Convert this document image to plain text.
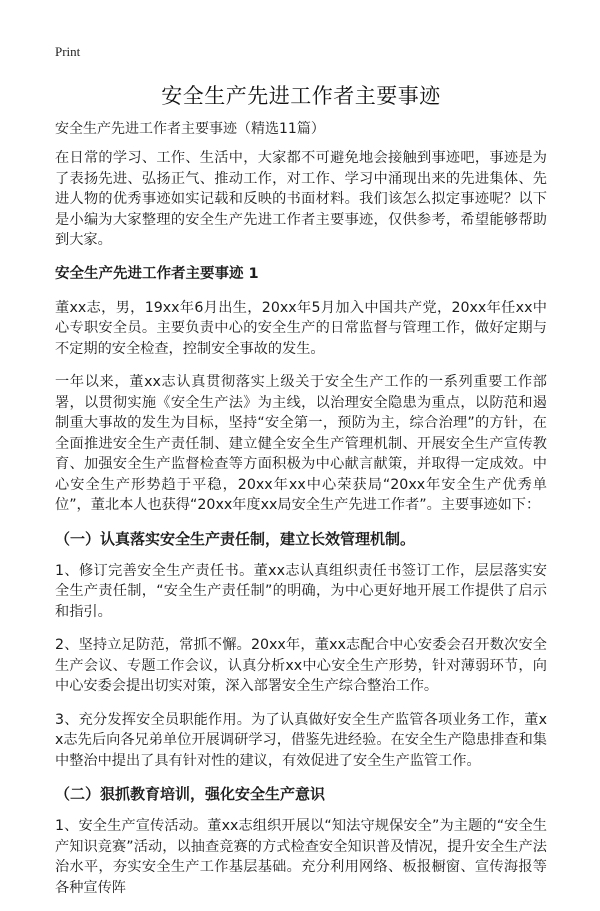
Print
安全生产先进工作者主要事迹
安全生产先进工作者主要事迹（精选11篇）

在日常的学习、工作、生活中，大家都不可避免地会接触到事迹吧，事迹是为了表扬先进、弘扬正气、推动工作，对工作、学习中涌现出来的先进集体、先进人物的优秀事迹如实记载和反映的书面材料。我们该怎么拟定事迹呢？以下是小编为大家整理的安全生产先进工作者主要事迹，仅供参考，希望能够帮助到大家。

安全生产先进工作者主要事迹 1

董xx志，男，19xx年6月出生，20xx年5月加入中国共产党，20xx年任xx中心专职安全员。主要负责中心的安全生产的日常监督与管理工作，做好定期与不定期的安全检查，控制安全事故的发生。

一年以来，董xx志认真贯彻落实上级关于安全生产工作的一系列重要工作部署，以贯彻实施《安全生产法》为主线，以治理安全隐患为重点，以防范和遏制重大事故的发生为目标，坚持“安全第一，预防为主，综合治理”的方针，在全面推进安全生产责任制、建立健全安全生产管理机制、开展安全生产宣传教育、加强安全生产监督检查等方面积极为中心献言献策，并取得一定成效。中心安全生产形势趋于平稳，20xx年xx中心荣获局“20xx年安全生产优秀单位”，董北本人也获得“20xx年度xx局安全生产先进工作者”。主要事迹如下：

（一）认真落实安全生产责任制，建立长效管理机制。

1、修订完善安全生产责任书。董xx志认真组织责任书签订工作，层层落实安全生产责任制，“安全生产责任制”的明确，为中心更好地开展工作提供了启示和指引。

2、坚持立足防范，常抓不懈。20xx年，董xx志配合中心安委会召开数次安全生产会议、专题工作会议，认真分析xx中心安全生产形势，针对薄弱环节，向中心安委会提出切实对策，深入部署安全生产综合整治工作。

3、充分发挥安全员职能作用。为了认真做好安全生产监管各项业务工作，董xx志先后向各兄弟单位开展调研学习，借鉴先进经验。在安全生产隐患排查和集中整治中提出了具有针对性的建议，有效促进了安全生产监管工作。

（二）狠抓教育培训，强化安全生产意识

1、安全生产宣传活动。董xx志组织开展以“知法守规保安全”为主题的“安全生产知识竞赛”活动，以抽查竞赛的方式检查安全知识普及情况，提升安全生产法治水平，夯实安全生产工作基层基础。充分利用网络、板报橱窗、宣传海报等各种宣传阵
